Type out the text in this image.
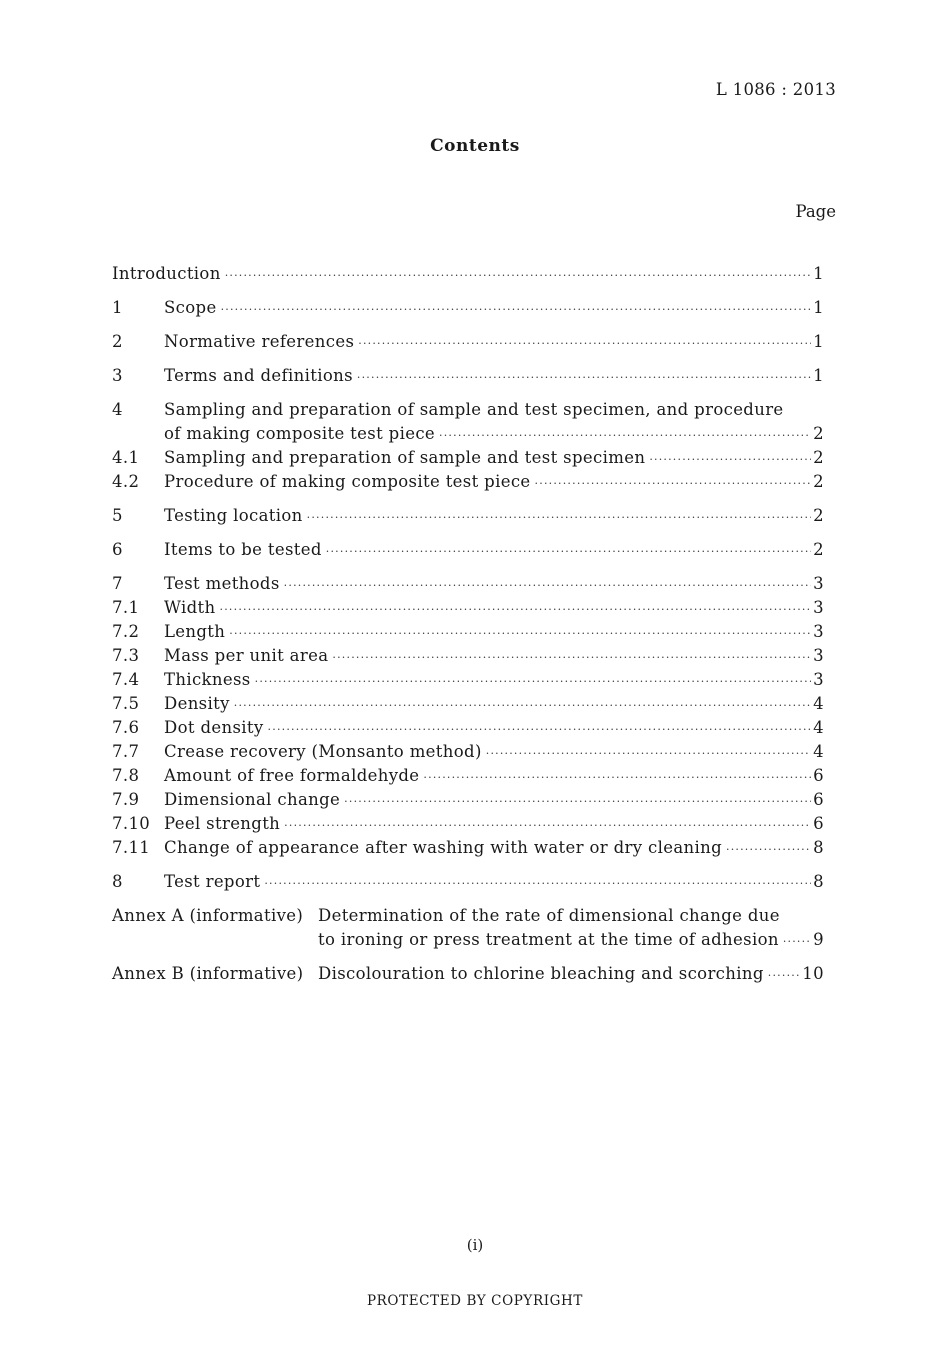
L 1086 : 2013
Contents
Page
Introduction ·····	1
1	Scope ·····	1
2	Normative references ·····	1
3	Terms and definitions ·····	1
4	Sampling and preparation of sample and test specimen, and procedure
of making composite test piece ·····	2
4.1	Sampling and preparation of sample and test specimen ·····	2
4.2	Procedure of making composite test piece ·····	2
5	Testing location ·····	2
6	Items to be tested ·····	2
7	Test methods ·····	3
7.1	Width ·····	3
7.2	Length ·····	3
7.3	Mass per unit area ·····	3
7.4	Thickness ·····	3
7.5	Density ·····	4
7.6	Dot density ·····	4
7.7	Crease recovery (Monsanto method) ·····	4
7.8	Amount of free formaldehyde ·····	6
7.9	Dimensional change ·····	6
7.10 Peel strength ·····	6
7.11 Change of appearance after washing with water or dry cleaning ·····	8
8	Test report ·····	8
Annex A (informative) Determination of the rate of dimensional change due
to ironing or press treatment at the time of adhesion ····· 9
Annex B (informative) Discolouration to chlorine bleaching and scorching ····· 10
(i)
PROTECTED BY COPYRIGHT
